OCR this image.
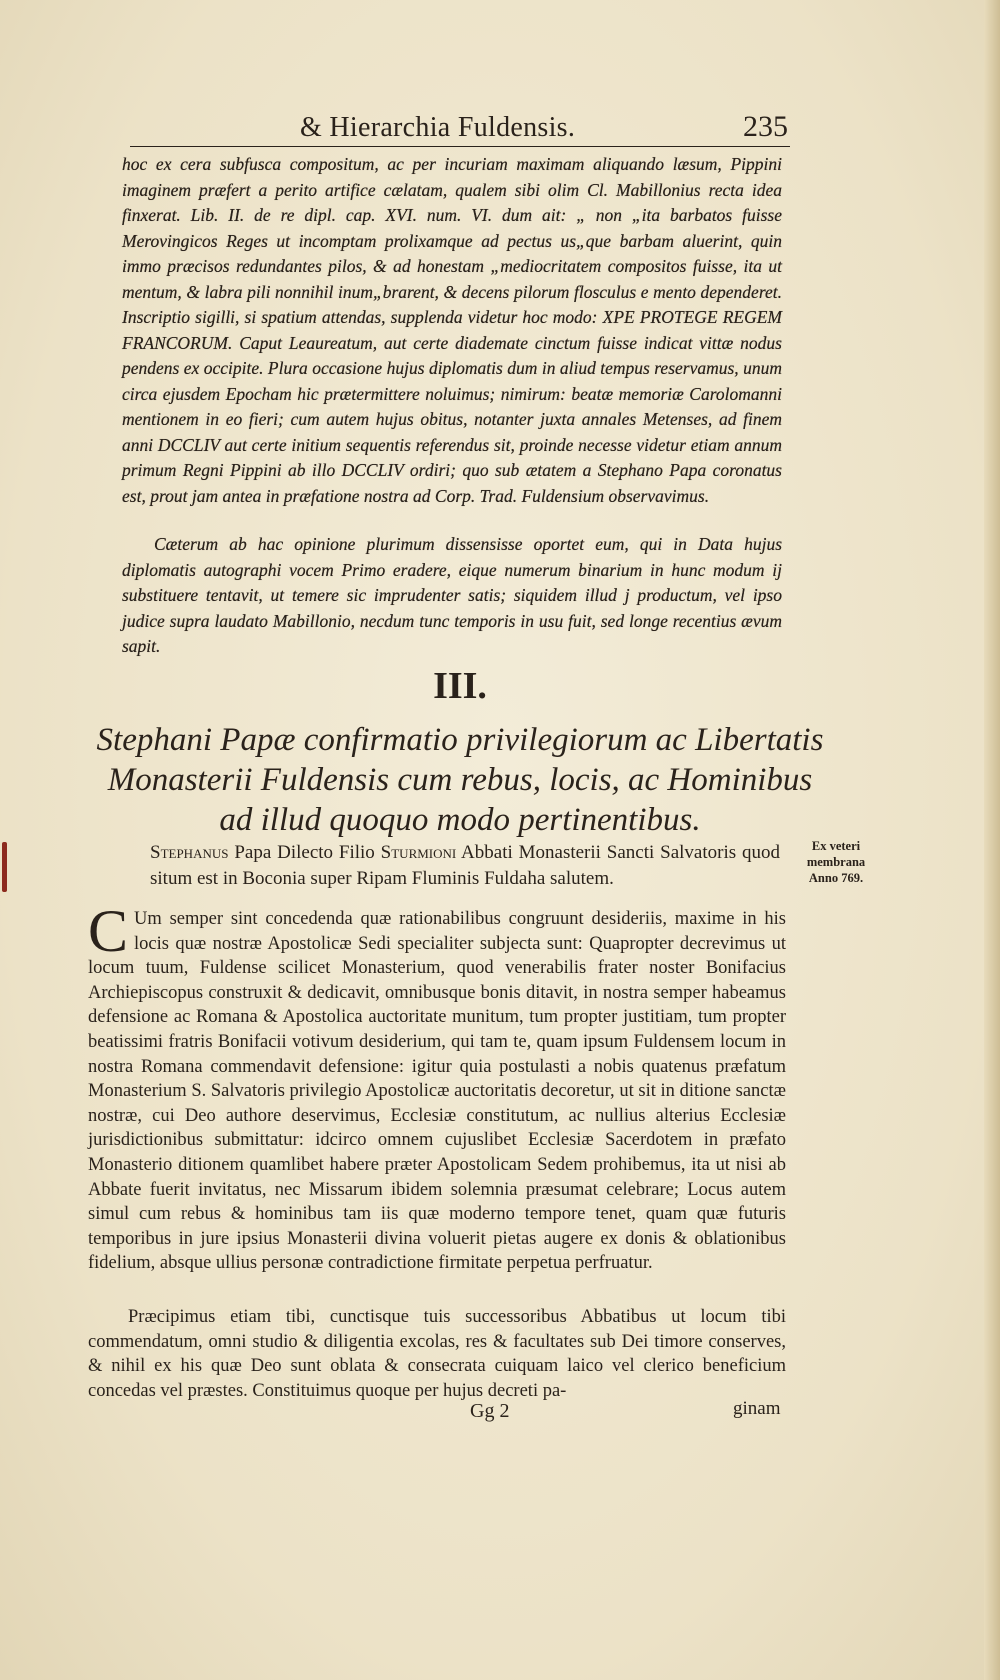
& Hierarchia Fuldensis.	235

hoc ex cera subfusca compositum, ac per incuriam maximam aliquando læsum, Pippini imaginem præfert a perito artifice cælatam, qualem sibi olim Cl. Mabillonius recta idea finxerat. Lib. II. de re dipl. cap. XVI. num. VI. dum ait: „ non „ita barbatos fuisse Merovingicos Reges ut incomptam prolixamque ad pectus us„que barbam aluerint, quin immo præcisos redundantes pilos, & ad honestam „mediocritatem compositos fuisse, ita ut mentum, & labra pili nonnihil inum„brarent, & decens pilorum flosculus e mento dependeret. Inscriptio sigilli, si spatium attendas, supplenda videtur hoc modo: XPE PROTEGE REGEM FRANCORUM. Caput Leaureatum, aut certe diademate cinctum fuisse indicat vittæ nodus pendens ex occipite. Plura occasione hujus diplomatis dum in aliud tempus reservamus, unum circa ejusdem Epocham hic prætermittere noluimus; nimirum: beatæ memoriæ Carolomanni mentionem in eo fieri; cum autem hujus obitus, notanter juxta annales Metenses, ad finem anni DCCLIV aut certe initium sequentis referendus sit, proinde necesse videtur etiam annum primum Regni Pippini ab illo DCCLIV ordiri; quo sub ætatem a Stephano Papa coronatus est, prout jam antea in præfatione nostra ad Corp. Trad. Fuldensium observavimus.

Cæterum ab hac opinione plurimum dissensisse oportet eum, qui in Data hujus diplomatis autographi vocem Primo eradere, eique numerum binarium in hunc modum ij substituere tentavit, ut temere sic imprudenter satis; siquidem illud j productum, vel ipso judice supra laudato Mabillonio, necdum tunc temporis in usu fuit, sed longe recentius ævum sapit.

III.

Stephani Papæ confirmatio privilegiorum ac Libertatis Monasterii Fuldensis cum rebus, locis, ac Hominibus ad illud quoquo modo pertinentibus.

Stephanus Papa Dilecto Filio Sturmioni Abbati Monasterii Sancti Salvatoris quod situm est in Boconia super Ripam Fluminis Fuldaha salutem.

Ex veteri
membrana
Anno 769.

C Um semper sint concedenda quæ rationabilibus congruunt desideriis, maxime in his locis quæ nostræ Apostolicæ Sedi specialiter subjecta sunt: Quapropter decrevimus ut locum tuum, Fuldense scilicet Monasterium, quod venerabilis frater noster Bonifacius Archiepiscopus construxit & dedicavit, omnibusque bonis ditavit, in nostra semper habeamus defensione ac Romana & Apostolica auctoritate munitum, tum propter justitiam, tum propter beatissimi fratris Bonifacii votivum desiderium, qui tam te, quam ipsum Fuldensem locum in nostra Romana commendavit defensione: igitur quia postulasti a nobis quatenus præfatum Monasterium S. Salvatoris privilegio Apostolicæ auctoritatis decoretur, ut sit in ditione sanctæ nostræ, cui Deo authore deservimus, Ecclesiæ constitutum, ac nullius alterius Ecclesiæ jurisdictionibus submittatur: idcirco omnem cujuslibet Ecclesiæ Sacerdotem in præfato Monasterio ditionem quamlibet habere præter Apostolicam Sedem prohibemus, ita ut nisi ab Abbate fuerit invitatus, nec Missarum ibidem solemnia præsumat celebrare; Locus autem simul cum rebus & hominibus tam iis quæ moderno tempore tenet, quam quæ futuris temporibus in jure ipsius Monasterii divina voluerit pietas augere ex donis & oblationibus fidelium, absque ullius personæ contradictione firmitate perpetua perfruatur.

Præcipimus etiam tibi, cunctisque tuis successoribus Abbatibus ut locum tibi commendatum, omni studio & diligentia excolas, res & facultates sub Dei timore conserves, & nihil ex his quæ Deo sunt oblata & consecrata cuiquam laico vel clerico beneficium concedas vel præstes. Constituimus quoque per hujus decreti pa-

Gg 2	ginam
